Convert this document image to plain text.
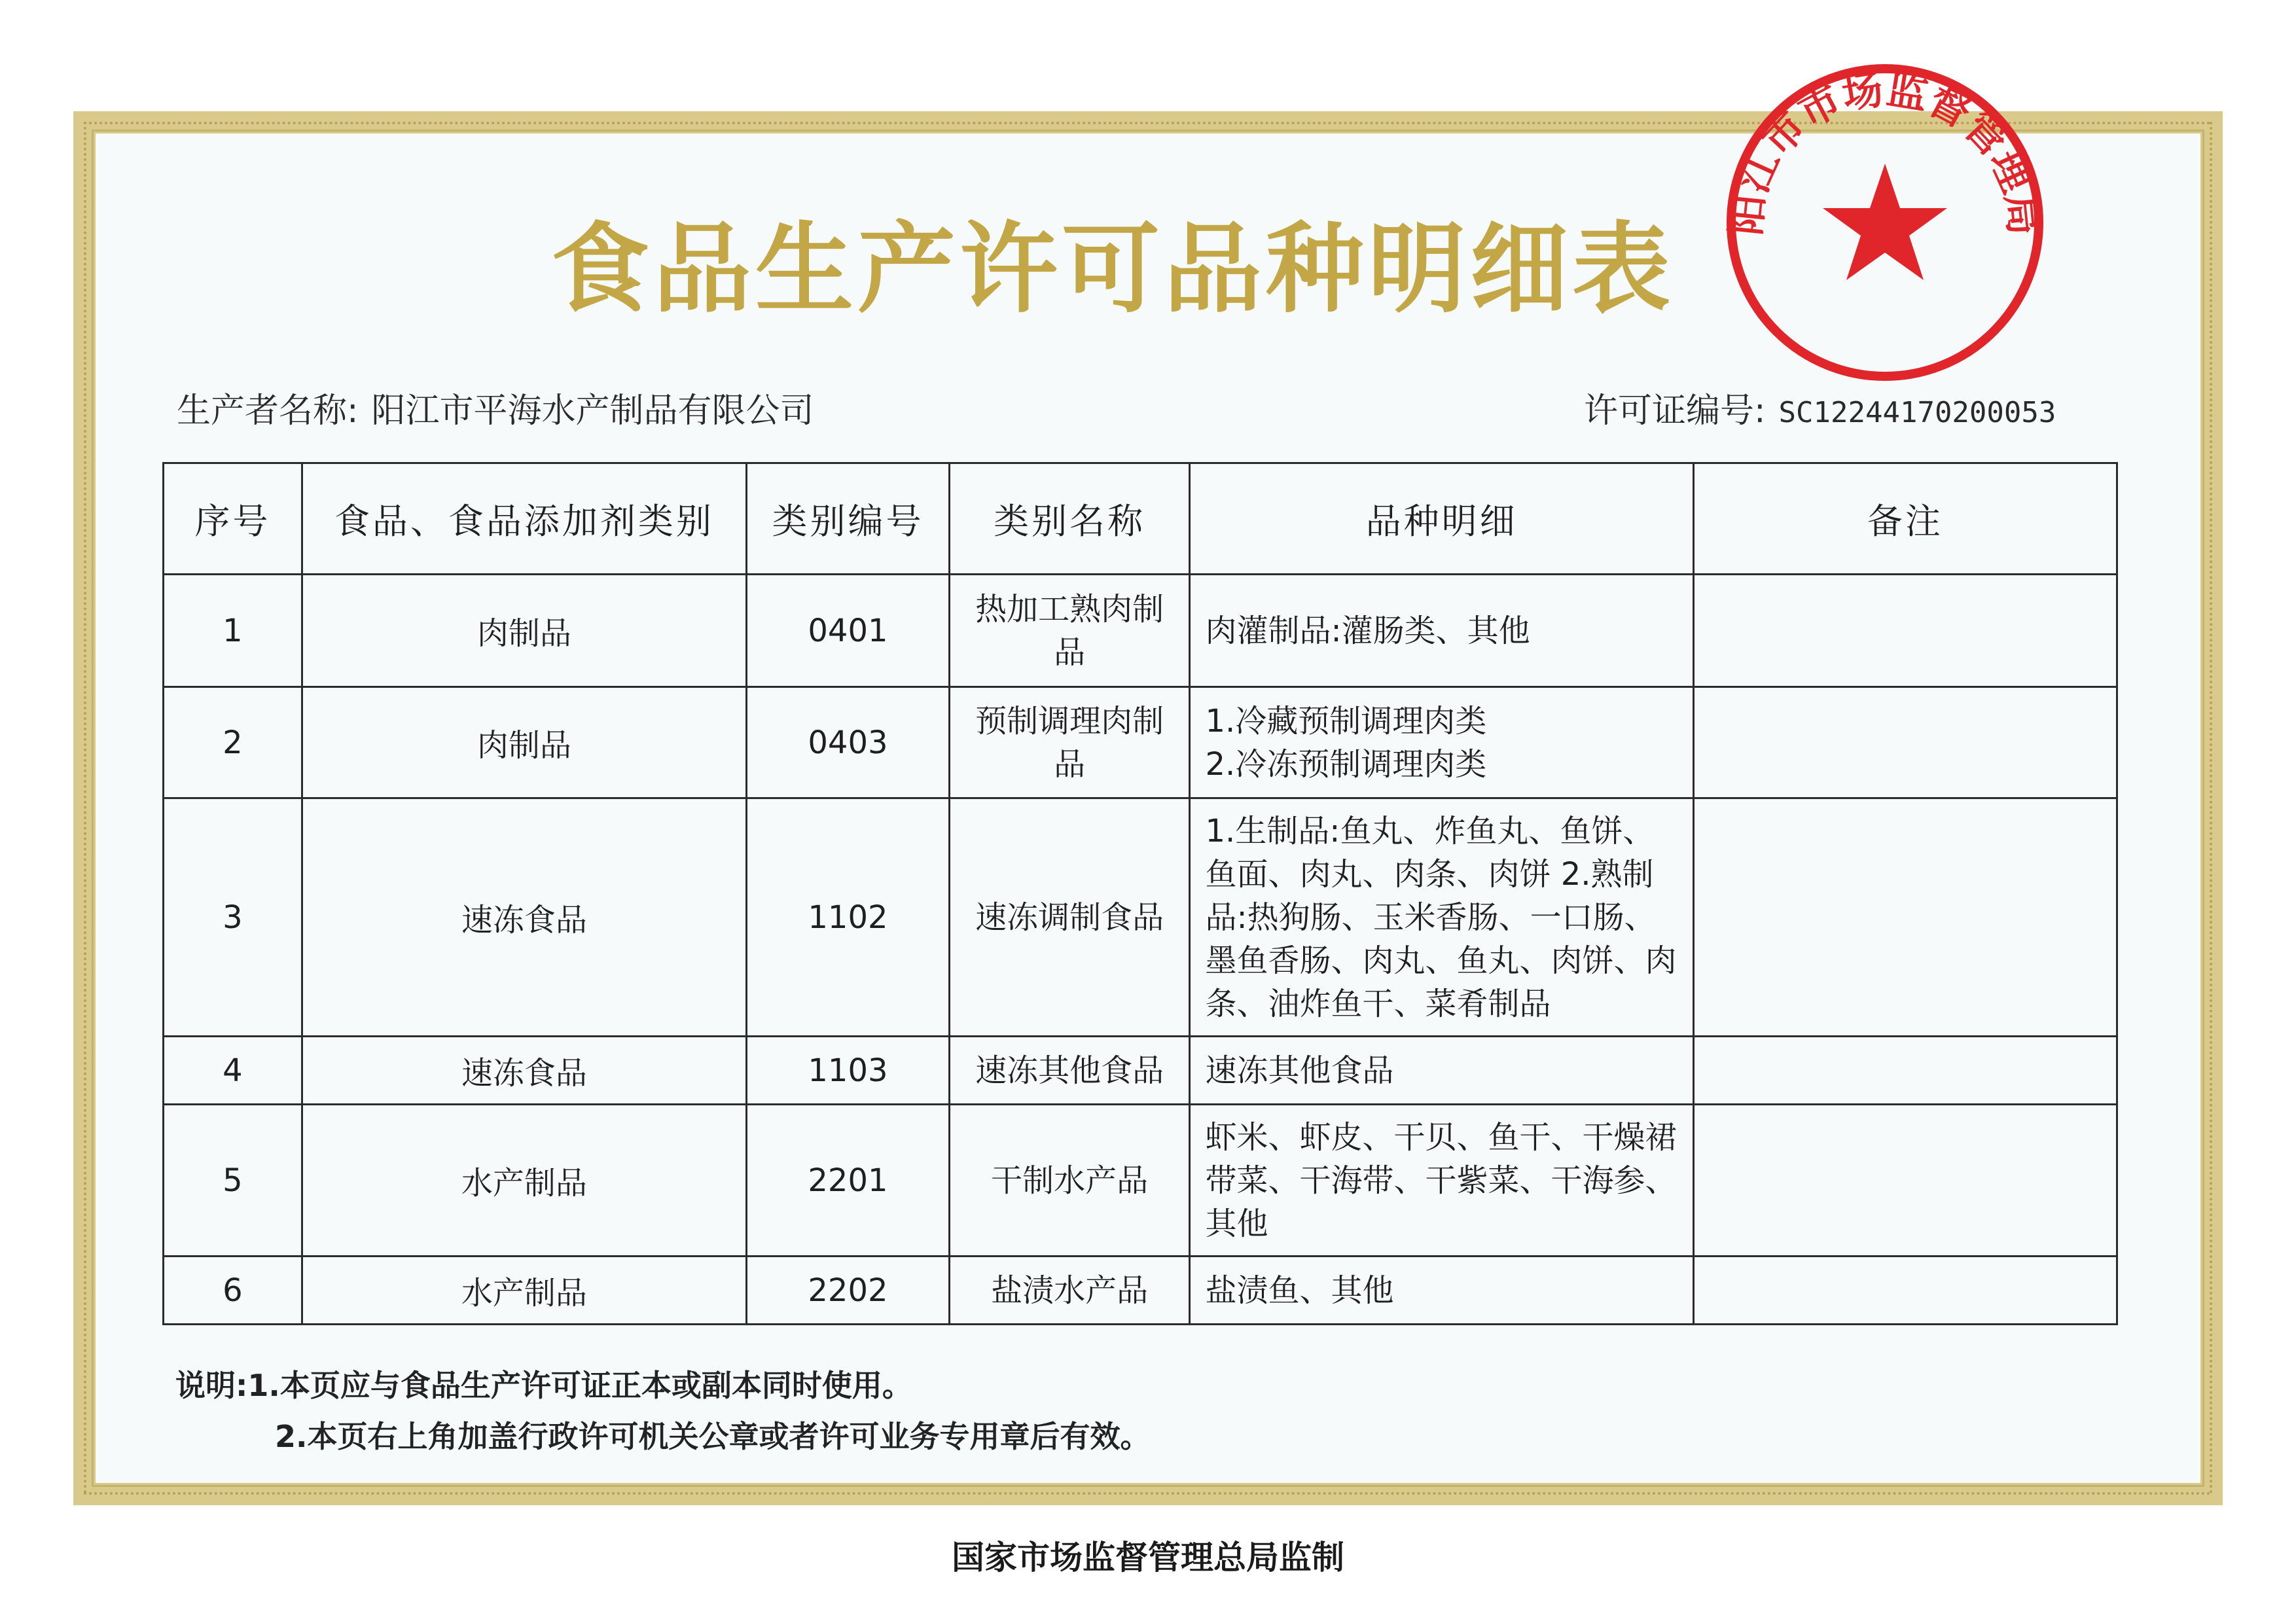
食品生产许可品种明细表
生产者名称: 阳江市平海水产制品有限公司	许可证编号: SC12244170200053
序号	食品、食品添加剂类别	类别编号	类别名称	品种明细	备注
1	肉制品	0401	热加工熟肉制品	肉灌制品:灌肠类、其他	
2	肉制品	0403	预制调理肉制品	1.冷藏预制调理肉类
2.冷冻预制调理肉类	

3	速冻食品	1102	速冻调制食品	1.生制品:鱼丸、炸鱼丸、鱼饼、鱼面、肉丸、肉条、肉饼 2.熟制品:热狗肠、玉米香肠、一口肠、墨鱼香肠、肉丸、鱼丸、肉饼、肉条、油炸鱼干、菜肴制品	
4	速冻食品	1103	速冻其他食品	速冻其他食品	
5	水产制品	2201	干制水产品	虾米、虾皮、干贝、鱼干、干燥裙带菜、干海带、干紫菜、干海参、其他	
6	水产制品	2202	盐渍水产品	盐渍鱼、其他	
说明:1.本页应与食品生产许可证正本或副本同时使用。
2.本页右上角加盖行政许可机关公章或者许可业务专用章后有效。
国家市场监督管理总局监制
阳江市市场监督管理局
